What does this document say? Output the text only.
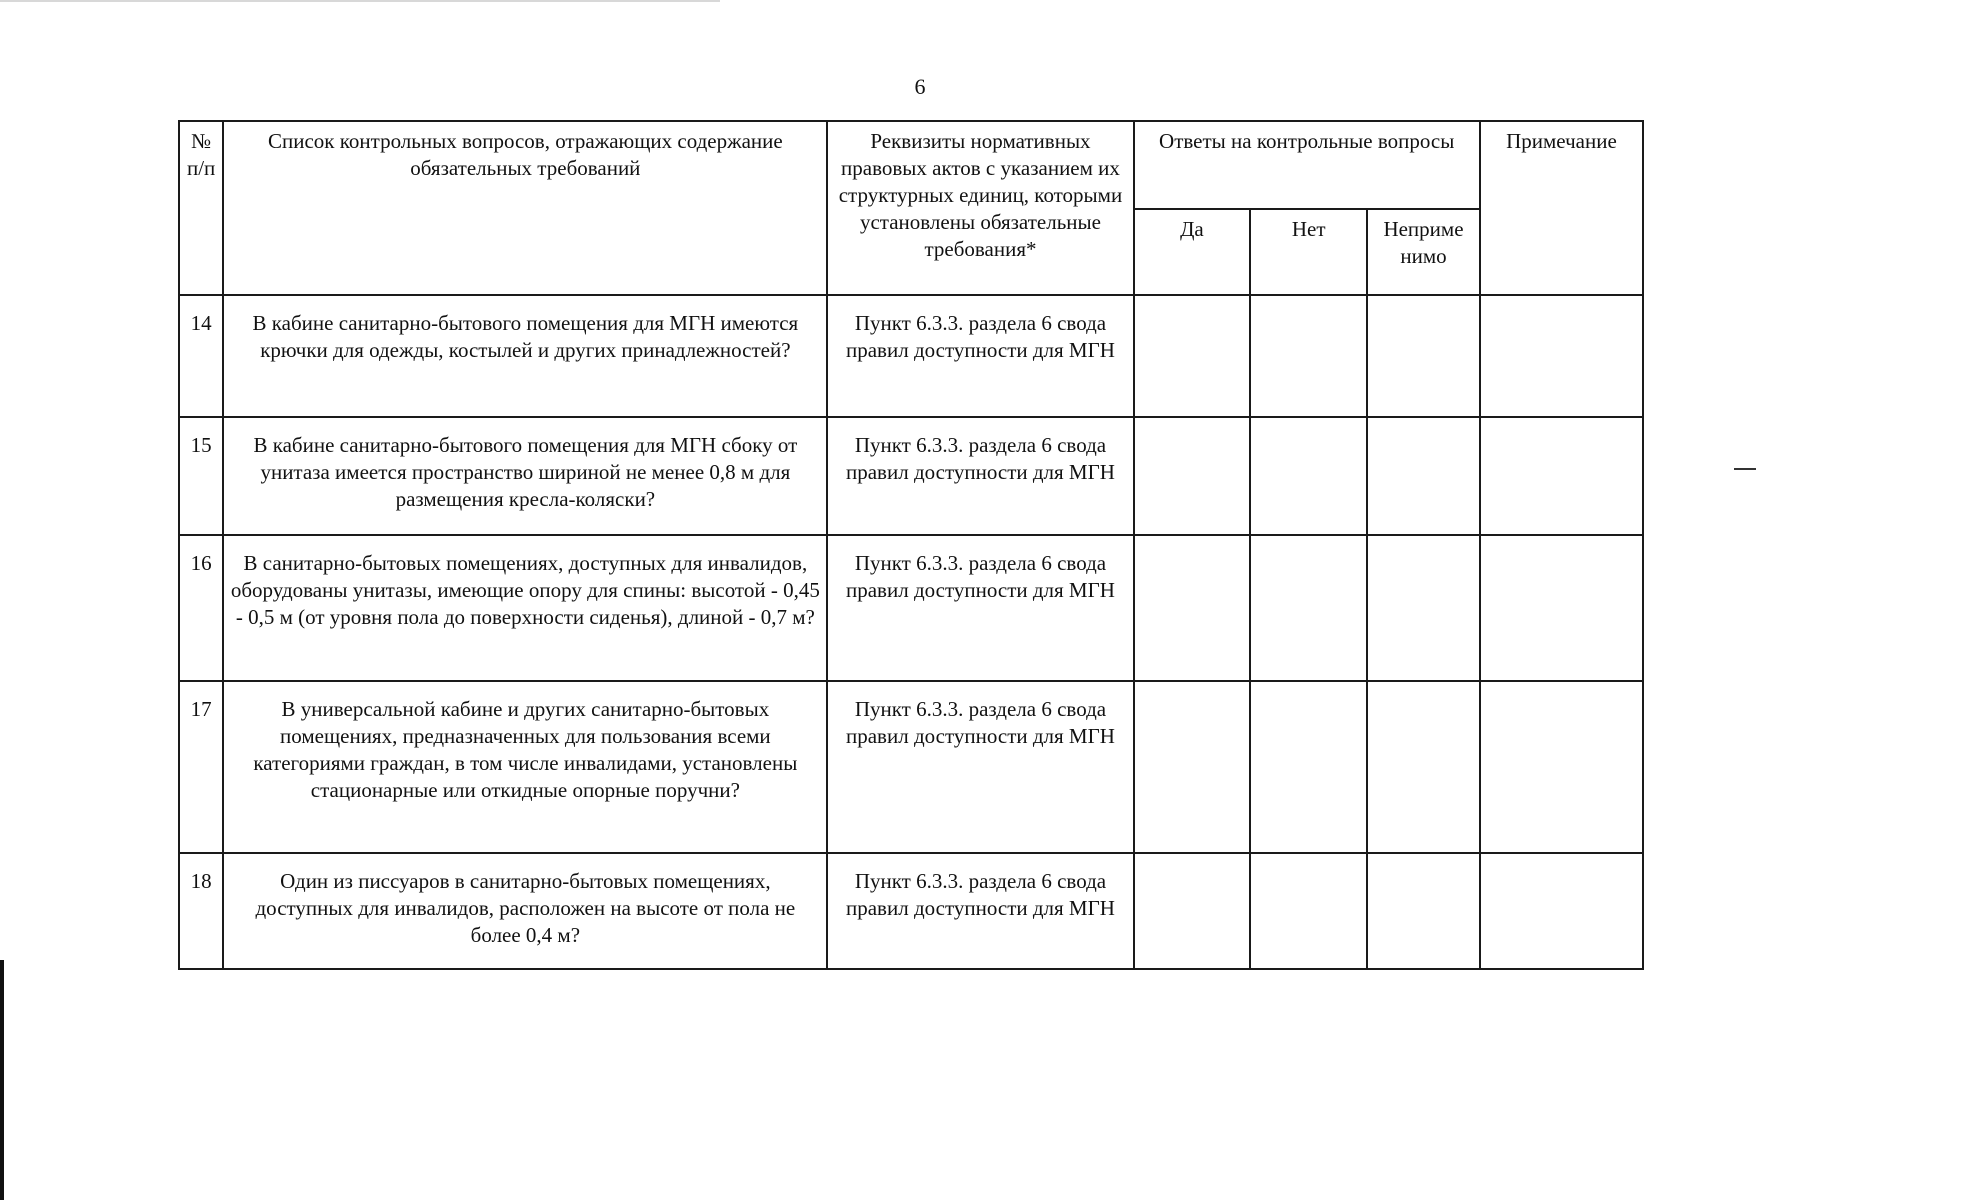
6
№ п/п	Список контрольных вопросов, отражающих содержание обязательных требований	Реквизиты нормативных правовых актов с указанием их структурных единиц, которыми установлены обязательные требования*	Ответы на контрольные вопросы			Примечание
			Да	Нет	Неприме нимо	
14	В кабине санитарно-бытового помещения для МГН имеются крючки для одежды, костылей и других принадлежностей?	Пункт 6.3.3. раздела 6 свода правил доступности для МГН				
15	В кабине санитарно-бытового помещения для МГН сбоку от унитаза имеется пространство шириной не менее 0,8 м для размещения кресла-коляски?	Пункт 6.3.3. раздела 6 свода правил доступности для МГН				
16	В санитарно-бытовых помещениях, доступных для инвалидов, оборудованы унитазы, имеющие опору для спины: высотой - 0,45 - 0,5 м (от уровня пола до поверхности сиденья), длиной - 0,7 м?	Пункт 6.3.3. раздела 6 свода правил доступности для МГН				
17	В универсальной кабине и других санитарно-бытовых помещениях, предназначенных для пользования всеми категориями граждан, в том числе инвалидами, установлены стационарные или откидные опорные поручни?	Пункт 6.3.3. раздела 6 свода правил доступности для МГН				
18	Один из писсуаров в санитарно-бытовых помещениях, доступных для инвалидов, расположен на высоте от пола не более 0,4 м?	Пункт 6.3.3. раздела 6 свода правил доступности для МГН				
